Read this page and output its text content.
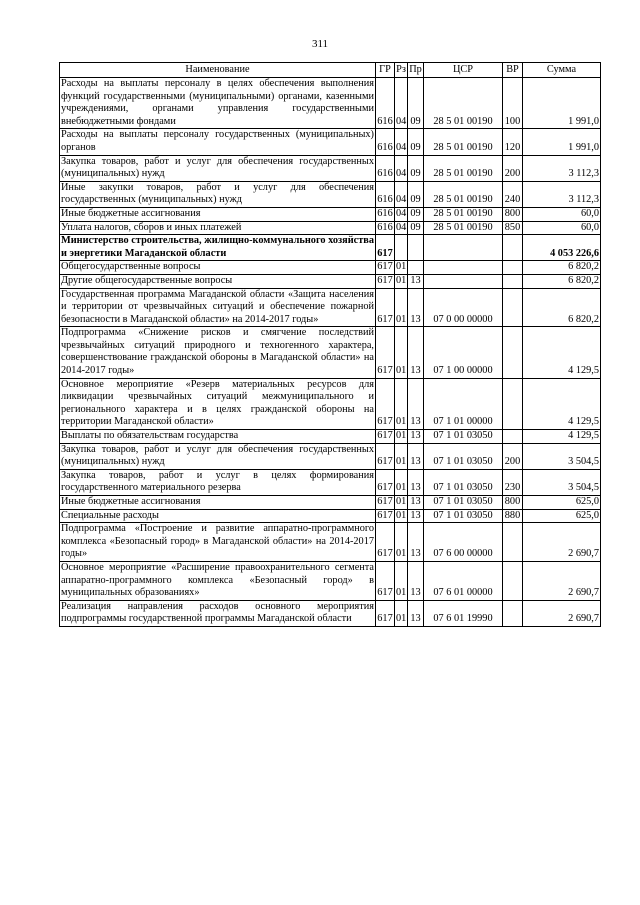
311
Наименование	ГР	Рз	Пр	ЦСР	ВР	Сумма
Расходы на выплаты персоналу в целях обеспечения выполнения функций государственными (муниципальными) органами, казенными учреждениями, органами управления государственными внебюджетными фондами	616	04	09	28 5 01 00190	100	1 991,0
Расходы на выплаты персоналу государственных (муниципальных) органов	616	04	09	28 5 01 00190	120	1 991,0
Закупка товаров, работ и услуг для обеспечения государственных (муниципальных) нужд	616	04	09	28 5 01 00190	200	3 112,3
Иные закупки товаров, работ и услуг для обеспечения государственных (муниципальных) нужд	616	04	09	28 5 01 00190	240	3 112,3
Иные бюджетные ассигнования	616	04	09	28 5 01 00190	800	60,0
Уплата налогов, сборов и иных платежей	616	04	09	28 5 01 00190	850	60,0
Министерство строительства, жилищно-коммунального хозяйства и энергетики Магаданской области	617					4 053 226,6
Общегосударственные вопросы	617	01				6 820,2
Другие общегосударственные вопросы	617	01	13			6 820,2
Государственная программа Магаданской области «Защита населения и территории от чрезвычайных ситуаций и обеспечение пожарной безопасности в Магаданской области» на 2014-2017 годы»	617	01	13	07 0 00 00000		6 820,2
Подпрограмма «Снижение рисков и смягчение последствий чрезвычайных ситуаций природного и техногенного характера, совершенствование гражданской обороны в Магаданской области» на 2014-2017 годы»	617	01	13	07 1 00 00000		4 129,5
Основное мероприятие «Резерв материальных ресурсов для ликвидации чрезвычайных ситуаций межмуниципального и регионального характера и в целях гражданской обороны на территории Магаданской области»	617	01	13	07 1 01 00000		4 129,5
Выплаты по обязательствам государства	617	01	13	07 1 01 03050		4 129,5
Закупка товаров, работ и услуг для обеспечения государственных (муниципальных) нужд	617	01	13	07 1 01 03050	200	3 504,5
Закупка товаров, работ и услуг в целях формирования государственного материального резерва	617	01	13	07 1 01 03050	230	3 504,5
Иные бюджетные ассигнования	617	01	13	07 1 01 03050	800	625,0
Специальные расходы	617	01	13	07 1 01 03050	880	625,0
Подпрограмма «Построение и развитие аппаратно-программного комплекса «Безопасный город» в Магаданской области» на 2014-2017 годы»	617	01	13	07 6 00 00000		2 690,7
Основное мероприятие «Расширение правоохранительного сегмента аппаратно-программного комплекса «Безопасный город» в муниципальных образованиях»	617	01	13	07 6 01 00000		2 690,7
Реализация направления расходов основного мероприятия подпрограммы государственной программы Магаданской области	617	01	13	07 6 01 19990		2 690,7
